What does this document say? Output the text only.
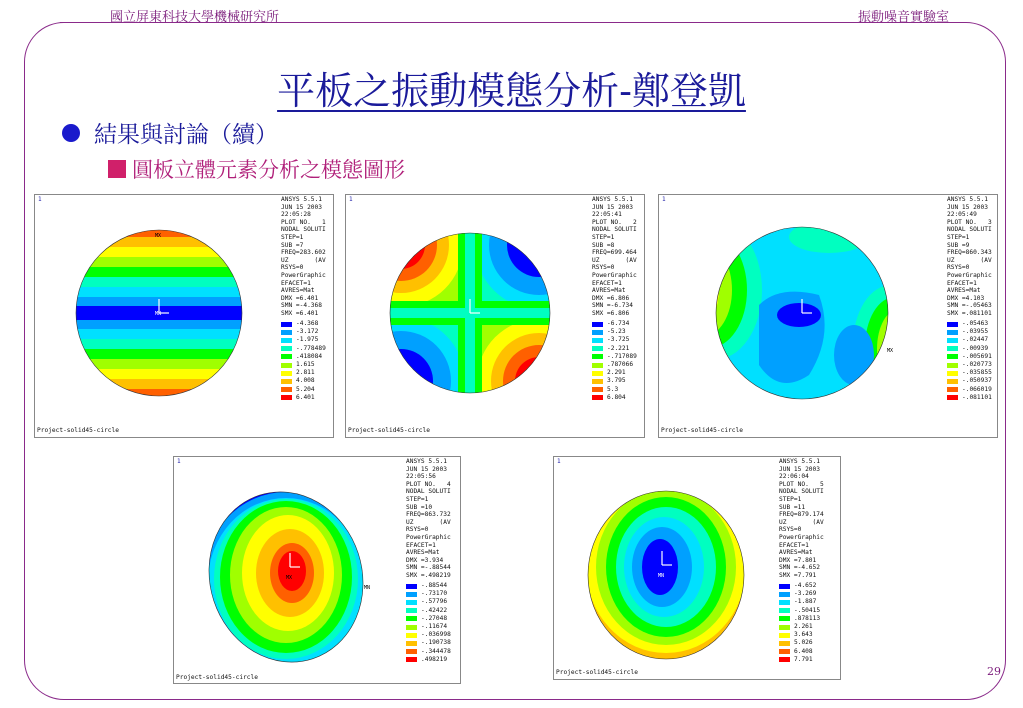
國立屏東科技大學機械研究所	振動噪音實驗室
平板之振動模態分析-鄭登凱
結果與討論（續）
圓板立體元素分析之模態圖形
1
MX
MN
ANSYS 5.5.1
JUN 15 2003
22:05:28
PLOT NO.   1
NODAL SOLUTI
STEP=1
SUB =7
FREQ=283.602
UZ       (AV
RSYS=0
PowerGraphic
EFACET=1
AVRES=Mat
DMX =6.401
SMN =-4.368
SMX =6.401
-4.368
-3.172
-1.975
-.778489
.418084
1.615
2.811
4.008
5.204
6.401
Project-solid45-circle
1	ANSYS 5.5.1
JUN 15 2003
22:05:41
PLOT NO.   2
NODAL SOLUTI
STEP=1
SUB =8
FREQ=699.464
UZ       (AV
RSYS=0
PowerGraphic
EFACET=1
AVRES=Mat
DMX =6.806
SMN =-6.734
SMX =6.806
-6.734
-5.23
-3.725
-2.221
-.717089
.787066
2.291
3.795
5.3
6.804
Project-solid45-circle
1
MX
ANSYS 5.5.1
JUN 15 2003
22:05:49
PLOT NO.   3
NODAL SOLUTI
STEP=1
SUB =9
FREQ=860.343
UZ       (AV
RSYS=0
PowerGraphic
EFACET=1
AVRES=Mat
DMX =4.103
SMN =-.05463
SMX =.081101
-.05463
-.03955
-.02447
-.00939
-.005691
-.020773
-.035855
-.050937
-.066019
-.081101
Project-solid45-circle
1
MX
MN
ANSYS 5.5.1
JUN 15 2003
22:05:56
PLOT NO.   4
NODAL SOLUTI
STEP=1
SUB =10
FREQ=863.732
UZ       (AV
RSYS=0
PowerGraphic
EFACET=1
AVRES=Mat
DMX =3.934
SMN =-.88544
SMX =.498219
-.88544
-.73170
-.57796
-.42422
-.27048
-.11674
-.036998
-.190738
-.344478
.498219
Project-solid45-circle
1
MN
ANSYS 5.5.1
JUN 15 2003
22:06:04
PLOT NO.   5
NODAL SOLUTI
STEP=1
SUB =11
FREQ=879.174
UZ       (AV
RSYS=0
PowerGraphic
EFACET=1
AVRES=Mat
DMX =7.801
SMN =-4.652
SMX =7.791
-4.652
-3.269
-1.887
-.50415
.878113
2.261
3.643
5.026
6.408
7.791
Project-solid45-circle	29
